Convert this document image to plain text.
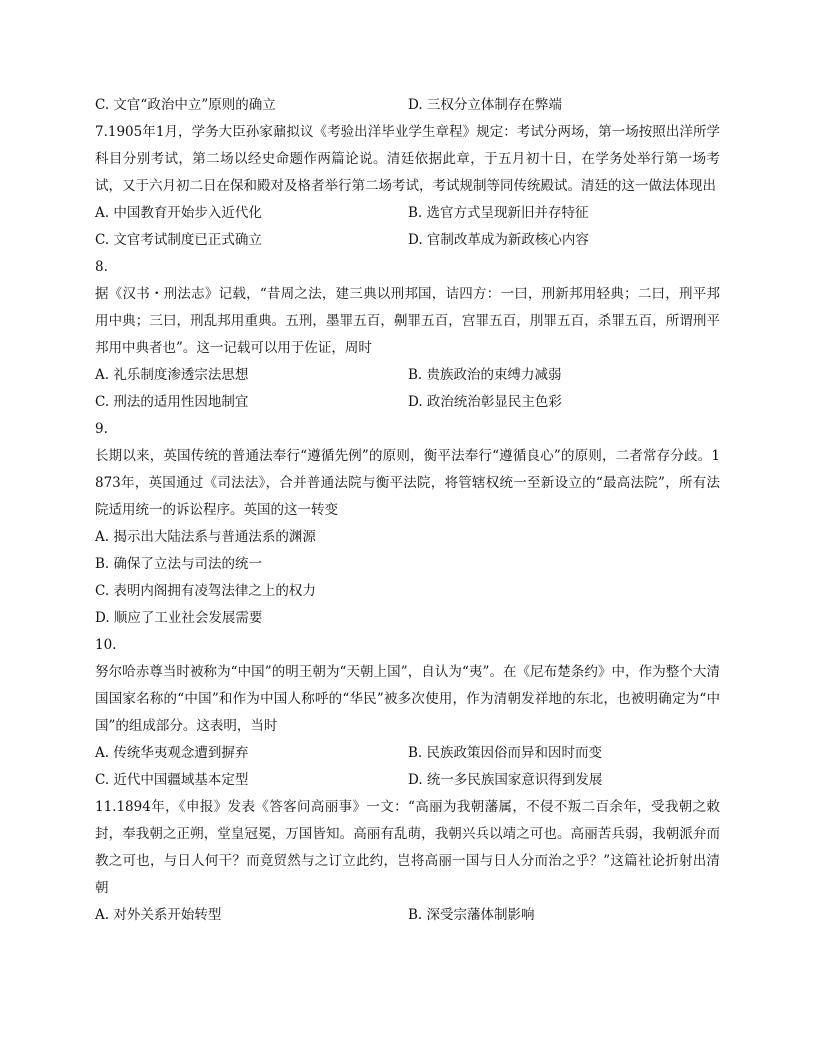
C. 文官“政治中立”原则的确立	D. 三权分立体制存在弊端
7.1905年1月，学务大臣孙家鼐拟议《考验出洋毕业学生章程》规定：考试分两场，第一场按照出洋所学科目分别考试，第二场以经史命题作两篇论说。清廷依据此章，于五月初十日，在学务处举行第一场考试，又于六月初二日在保和殿对及格者举行第二场考试，考试规制等同传统殿试。清廷的这一做法体现出
A. 中国教育开始步入近代化	B. 选官方式呈现新旧并存特征
C. 文官考试制度已正式确立	D. 官制改革成为新政核心内容
8.
据《汉书・刑法志》记载，“昔周之法，建三典以刑邦国，诘四方：一曰，刑新邦用轻典；二曰，刑平邦用中典；三曰，刑乱邦用重典。五刑，墨罪五百，劓罪五百，宫罪五百，刖罪五百，杀罪五百，所谓刑平邦用中典者也”。这一记载可以用于佐证，周时
A. 礼乐制度渗透宗法思想	B. 贵族政治的束缚力减弱
C. 刑法的适用性因地制宜	D. 政治统治彰显民主色彩
9.
长期以来，英国传统的普通法奉行“遵循先例”的原则，衡平法奉行“遵循良心”的原则，二者常存分歧。1873年，英国通过《司法法》，合并普通法院与衡平法院，将管辖权统一至新设立的“最高法院”，所有法院适用统一的诉讼程序。英国的这一转变
A. 揭示出大陆法系与普通法系的渊源
B. 确保了立法与司法的统一
C. 表明内阁拥有凌驾法律之上的权力
D. 顺应了工业社会发展需要
10.
努尔哈赤尊当时被称为“中国”的明王朝为“天朝上国”，自认为“夷”。在《尼布楚条约》中，作为整个大清国国家名称的“中国”和作为中国人称呼的“华民”被多次使用，作为清朝发祥地的东北，也被明确定为“中国”的组成部分。这表明，当时
A. 传统华夷观念遭到摒弃	B. 民族政策因俗而异和因时而变
C. 近代中国疆域基本定型	D. 统一多民族国家意识得到发展
11.1894年，《申报》发表《答客问高丽事》一文：“高丽为我朝藩属，不侵不叛二百余年，受我朝之敕封，奉我朝之正朔，堂皇冠冕，万国皆知。高丽有乱萌，我朝兴兵以靖之可也。高丽苦兵弱，我朝派弁而教之可也，与日人何干？而竟贸然与之订立此约，岂将高丽一国与日人分而治之乎？”这篇社论折射出清朝
A. 对外关系开始转型	B. 深受宗藩体制影响
